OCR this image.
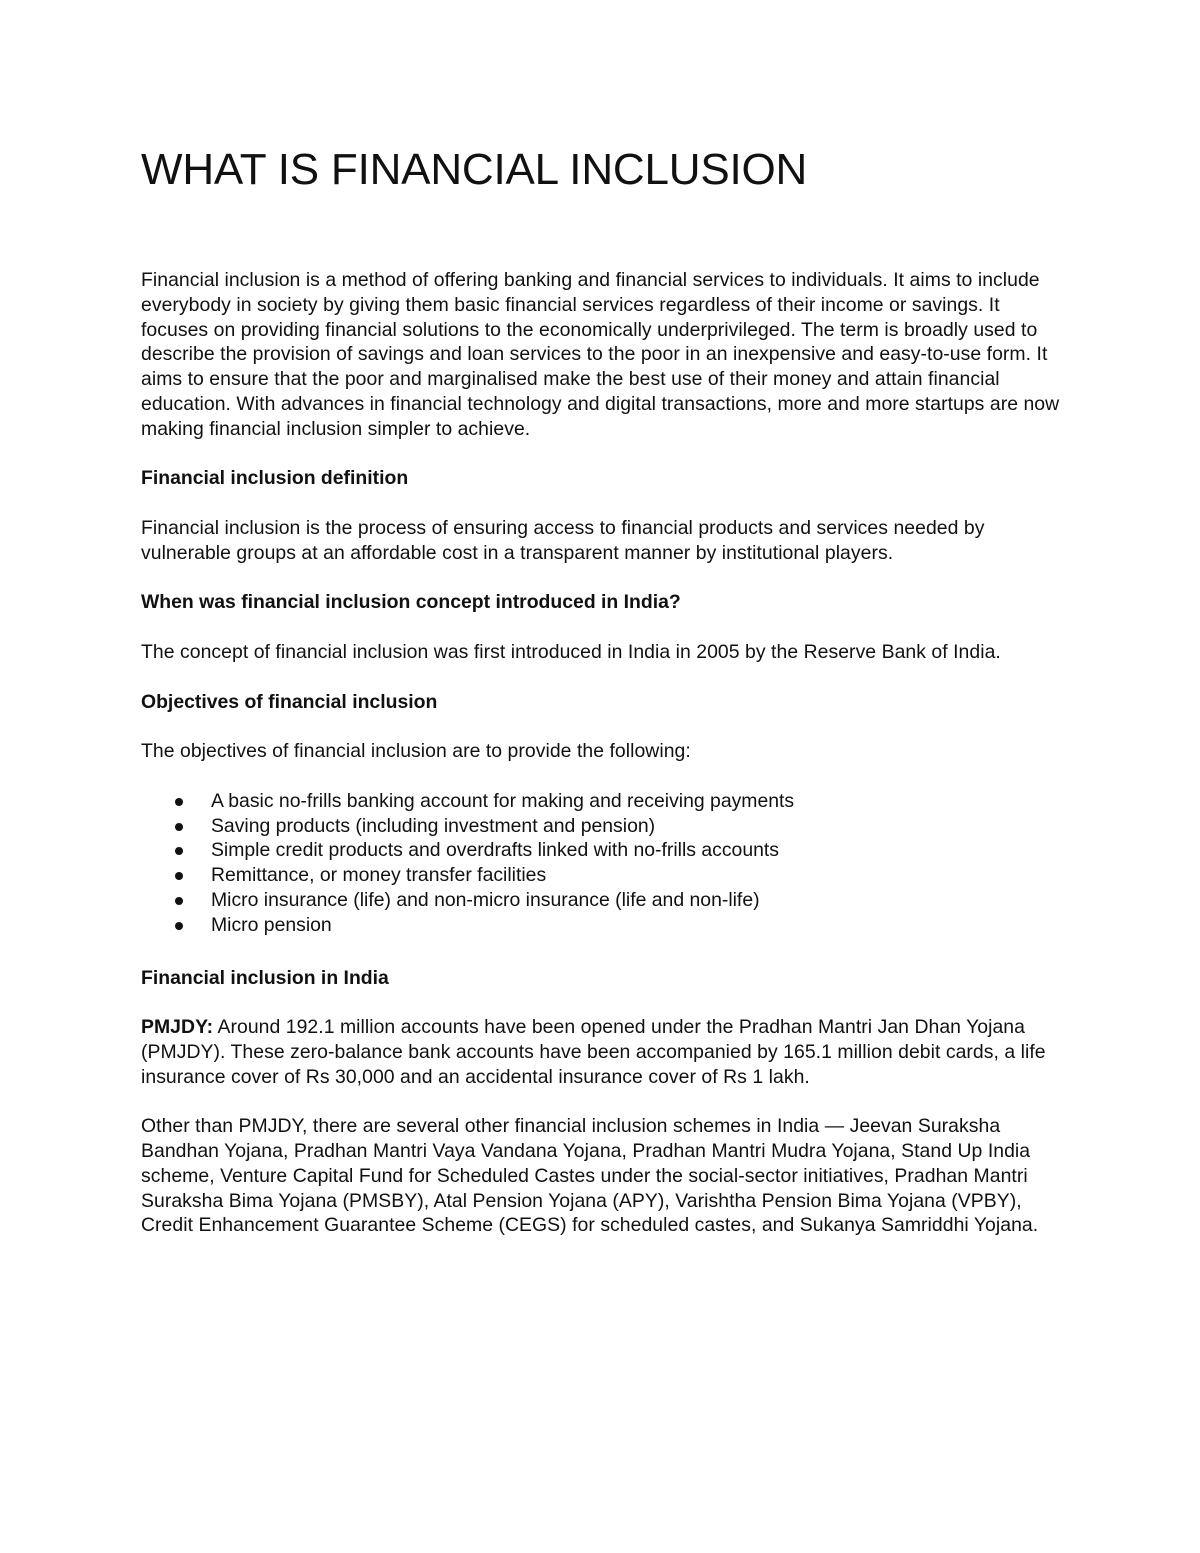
WHAT IS FINANCIAL INCLUSION

Financial inclusion is a method of offering banking and financial services to individuals. It aims to include everybody in society by giving them basic financial services regardless of their income or savings. It focuses on providing financial solutions to the economically underprivileged. The term is broadly used to describe the provision of savings and loan services to the poor in an inexpensive and easy-to-use form. It aims to ensure that the poor and marginalised make the best use of their money and attain financial education. With advances in financial technology and digital transactions, more and more startups are now making financial inclusion simpler to achieve.

Financial inclusion definition

Financial inclusion is the process of ensuring access to financial products and services needed by vulnerable groups at an affordable cost in a transparent manner by institutional players.

When was financial inclusion concept introduced in India?

The concept of financial inclusion was first introduced in India in 2005 by the Reserve Bank of India.

Objectives of financial inclusion

The objectives of financial inclusion are to provide the following:

A basic no-frills banking account for making and receiving payments
Saving products (including investment and pension)
Simple credit products and overdrafts linked with no-frills accounts
Remittance, or money transfer facilities
Micro insurance (life) and non-micro insurance (life and non-life)
Micro pension
Financial inclusion in India

PMJDY: Around 192.1 million accounts have been opened under the Pradhan Mantri Jan Dhan Yojana (PMJDY). These zero-balance bank accounts have been accompanied by 165.1 million debit cards, a life insurance cover of Rs 30,000 and an accidental insurance cover of Rs 1 lakh.

Other than PMJDY, there are several other financial inclusion schemes in India — Jeevan Suraksha Bandhan Yojana, Pradhan Mantri Vaya Vandana Yojana, Pradhan Mantri Mudra Yojana, Stand Up India scheme, Venture Capital Fund for Scheduled Castes under the social-sector initiatives, Pradhan Mantri Suraksha Bima Yojana (PMSBY), Atal Pension Yojana (APY), Varishtha Pension Bima Yojana (VPBY), Credit Enhancement Guarantee Scheme (CEGS) for scheduled castes, and Sukanya Samriddhi Yojana.
